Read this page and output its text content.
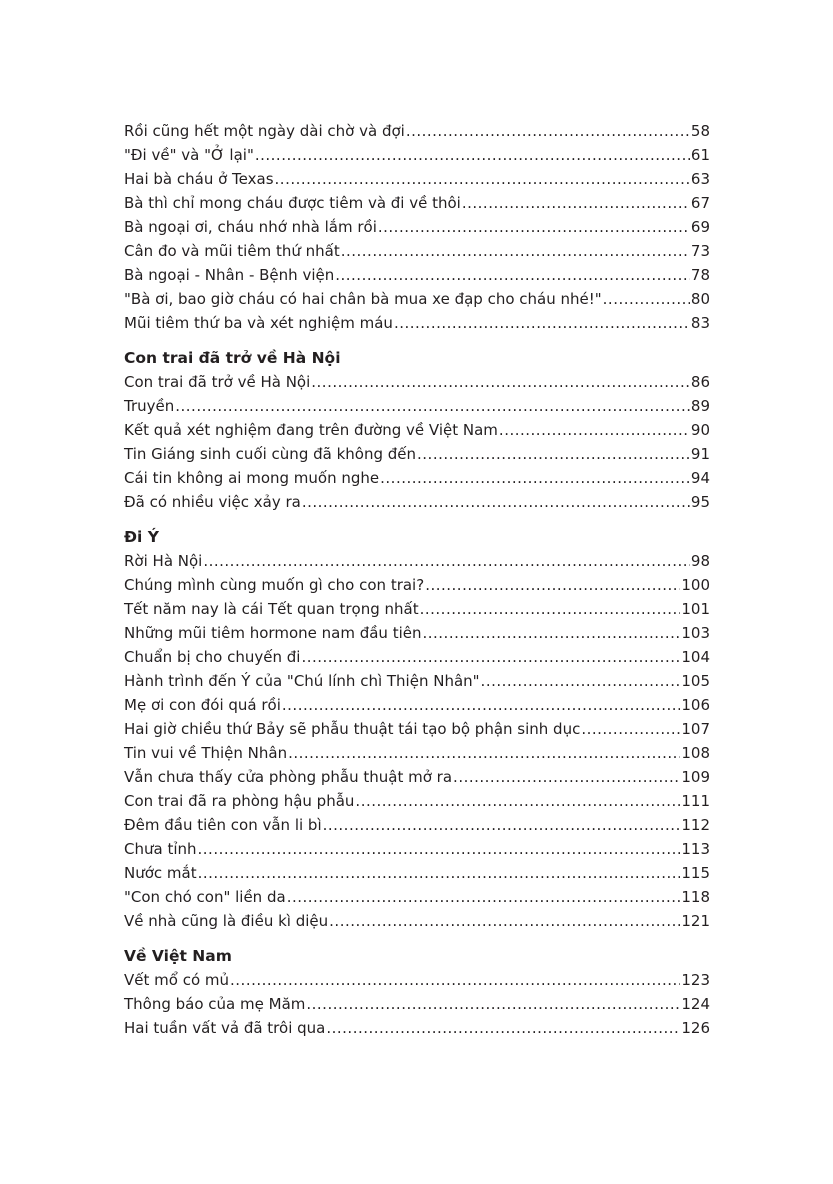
Rồi cũng hết một ngày dài chờ và đợi .....	58
"Đi về" và "Ở lại" .....	61
Hai bà cháu ở Texas .....	63
Bà thì chỉ mong cháu được tiêm và đi về thôi .....	67
Bà ngoại ơi, cháu nhớ nhà lắm rồi .....	69
Cân đo và mũi tiêm thứ nhất .....	73
Bà ngoại - Nhân - Bệnh viện .....	78
"Bà ơi, bao giờ cháu có hai chân bà mua xe đạp cho cháu nhé!" .....	80
Mũi tiêm thứ ba và xét nghiệm máu .....	83
Con trai đã trở về Hà Nội
Con trai đã trở về Hà Nội .....	86
Truyền .....	89
Kết quả xét nghiệm đang trên đường về Việt Nam .....	90
Tin Giáng sinh cuối cùng đã không đến .....	91
Cái tin không ai mong muốn nghe .....	94
Đã có nhiều việc xảy ra .....	95
Đi Ý
Rời Hà Nội .....	98
Chúng mình cùng muốn gì cho con trai? .....	100
Tết năm nay là cái Tết quan trọng nhất .....	101
Những mũi tiêm hormone nam đầu tiên .....	103
Chuẩn bị cho chuyến đi .....	104
Hành trình đến Ý của "Chú lính chì Thiện Nhân" .....	105
Mẹ ơi con đói quá rồi .....	106
Hai giờ chiều thứ Bảy sẽ phẫu thuật tái tạo bộ phận sinh dục .....	107
Tin vui về Thiện Nhân .....	108
Vẫn chưa thấy cửa phòng phẫu thuật mở ra .....	109
Con trai đã ra phòng hậu phẫu .....	111
Đêm đầu tiên con vẫn li bì .....	112
Chưa tỉnh .....	113
Nước mắt .....	115
"Con chó con" liền da .....	118
Về nhà cũng là điều kì diệu .....	121
Về Việt Nam
Vết mổ có mủ .....	123
Thông báo của mẹ Măm .....	124
Hai tuần vất vả đã trôi qua .....	126
